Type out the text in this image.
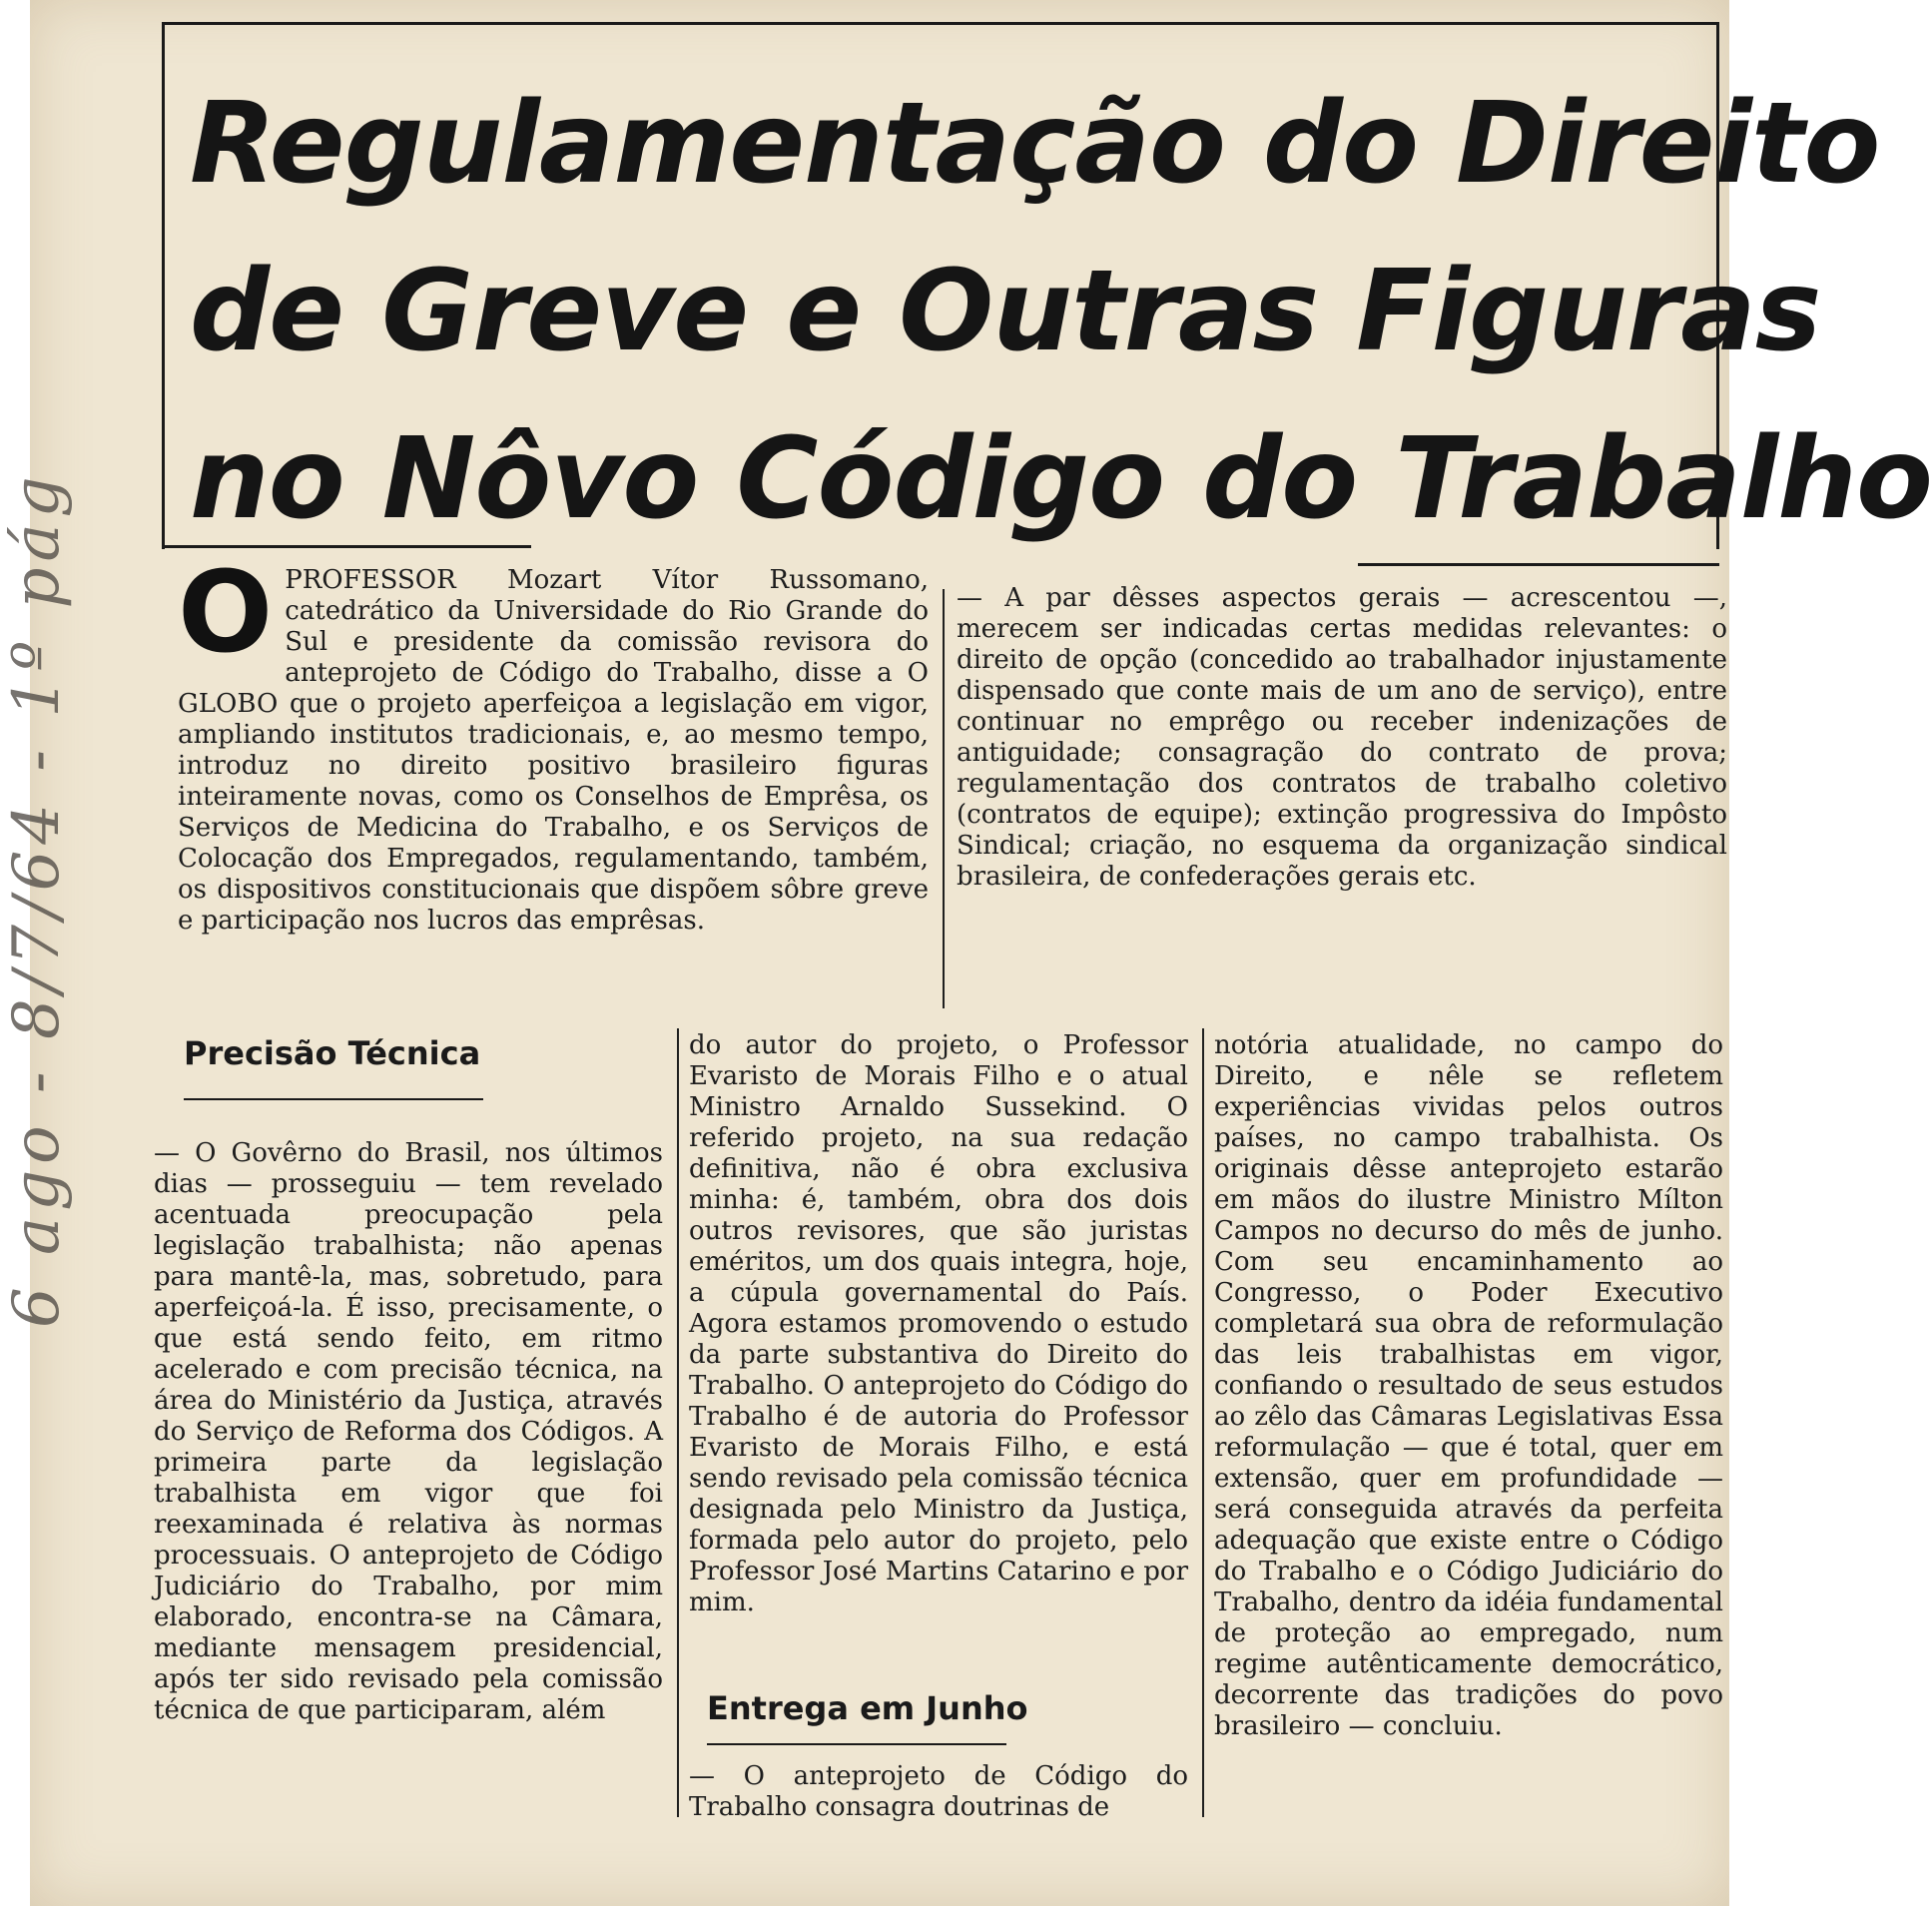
6 ago - 8/7/64 - 1º pág
Regulamentação do Direito
de Greve e Outras Figuras
no Nôvo Código do Trabalho
O PROFESSOR Mozart Vítor Russomano, catedrático da Universidade do Rio Grande do Sul e presidente da comissão revisora do anteprojeto de Código do Trabalho, disse a O GLOBO que o projeto aperfeiçoa a legislação em vigor, ampliando institutos tradicionais, e, ao mesmo tempo, introduz no direito positivo brasileiro figuras inteiramente novas, como os Conselhos de Emprêsa, os Serviços de Medicina do Trabalho, e os Serviços de Colocação dos Empregados, regulamentando, também, os dispositivos constitucionais que dispõem sôbre greve e participação nos lucros das emprêsas.

— A par dêsses aspectos gerais — acrescentou —, merecem ser indicadas certas medidas relevantes: o direito de opção (concedido ao trabalhador injustamente dispensado que conte mais de um ano de serviço), entre continuar no emprêgo ou receber indenizações de antiguidade; consagração do contrato de prova; regulamentação dos contratos de trabalho coletivo (contratos de equipe); extinção progressiva do Impôsto Sindical; criação, no esquema da organização sindical brasileira, de confederações gerais etc.

Precisão Técnica

— O Govêrno do Brasil, nos últimos dias — prosseguiu — tem revelado acentuada preocupação pela legislação trabalhista; não apenas para mantê-la, mas, sobretudo, para aperfeiçoá-la. É isso, precisamente, o que está sendo feito, em ritmo acelerado e com precisão técnica, na área do Ministério da Justiça, através do Serviço de Reforma dos Códigos. A primeira parte da legislação trabalhista em vigor que foi reexaminada é relativa às normas processuais. O anteprojeto de Código Judiciário do Trabalho, por mim elaborado, encontra-se na Câmara, mediante mensagem presidencial, após ter sido revisado pela comissão técnica de que participaram, além

do autor do projeto, o Professor Evaristo de Morais Filho e o atual Ministro Arnaldo Sussekind. O referido projeto, na sua redação definitiva, não é obra exclusiva minha: é, também, obra dos dois outros revisores, que são juristas eméritos, um dos quais integra, hoje, a cúpula governamental do País. Agora estamos promovendo o estudo da parte substantiva do Direito do Trabalho. O anteprojeto do Código do Trabalho é de autoria do Professor Evaristo de Morais Filho, e está sendo revisado pela comissão técnica designada pelo Ministro da Justiça, formada pelo autor do projeto, pelo Professor José Martins Catarino e por mim.

Entrega em Junho

— O anteprojeto de Código do Trabalho consagra doutrinas de

notória atualidade, no campo do Direito, e nêle se refletem experiências vividas pelos outros países, no campo trabalhista. Os originais dêsse anteprojeto estarão em mãos do ilustre Ministro Mílton Campos no decurso do mês de junho. Com seu encaminhamento ao Congresso, o Poder Executivo completará sua obra de reformulação das leis trabalhistas em vigor, confiando o resultado de seus estudos ao zêlo das Câmaras Legislativas Essa reformulação — que é total, quer em extensão, quer em profundidade — será conseguida através da perfeita adequação que existe entre o Código do Trabalho e o Código Judiciário do Trabalho, dentro da idéia fundamental de proteção ao empregado, num regime autênticamente democrático, decorrente das tradições do povo brasileiro — concluiu.
